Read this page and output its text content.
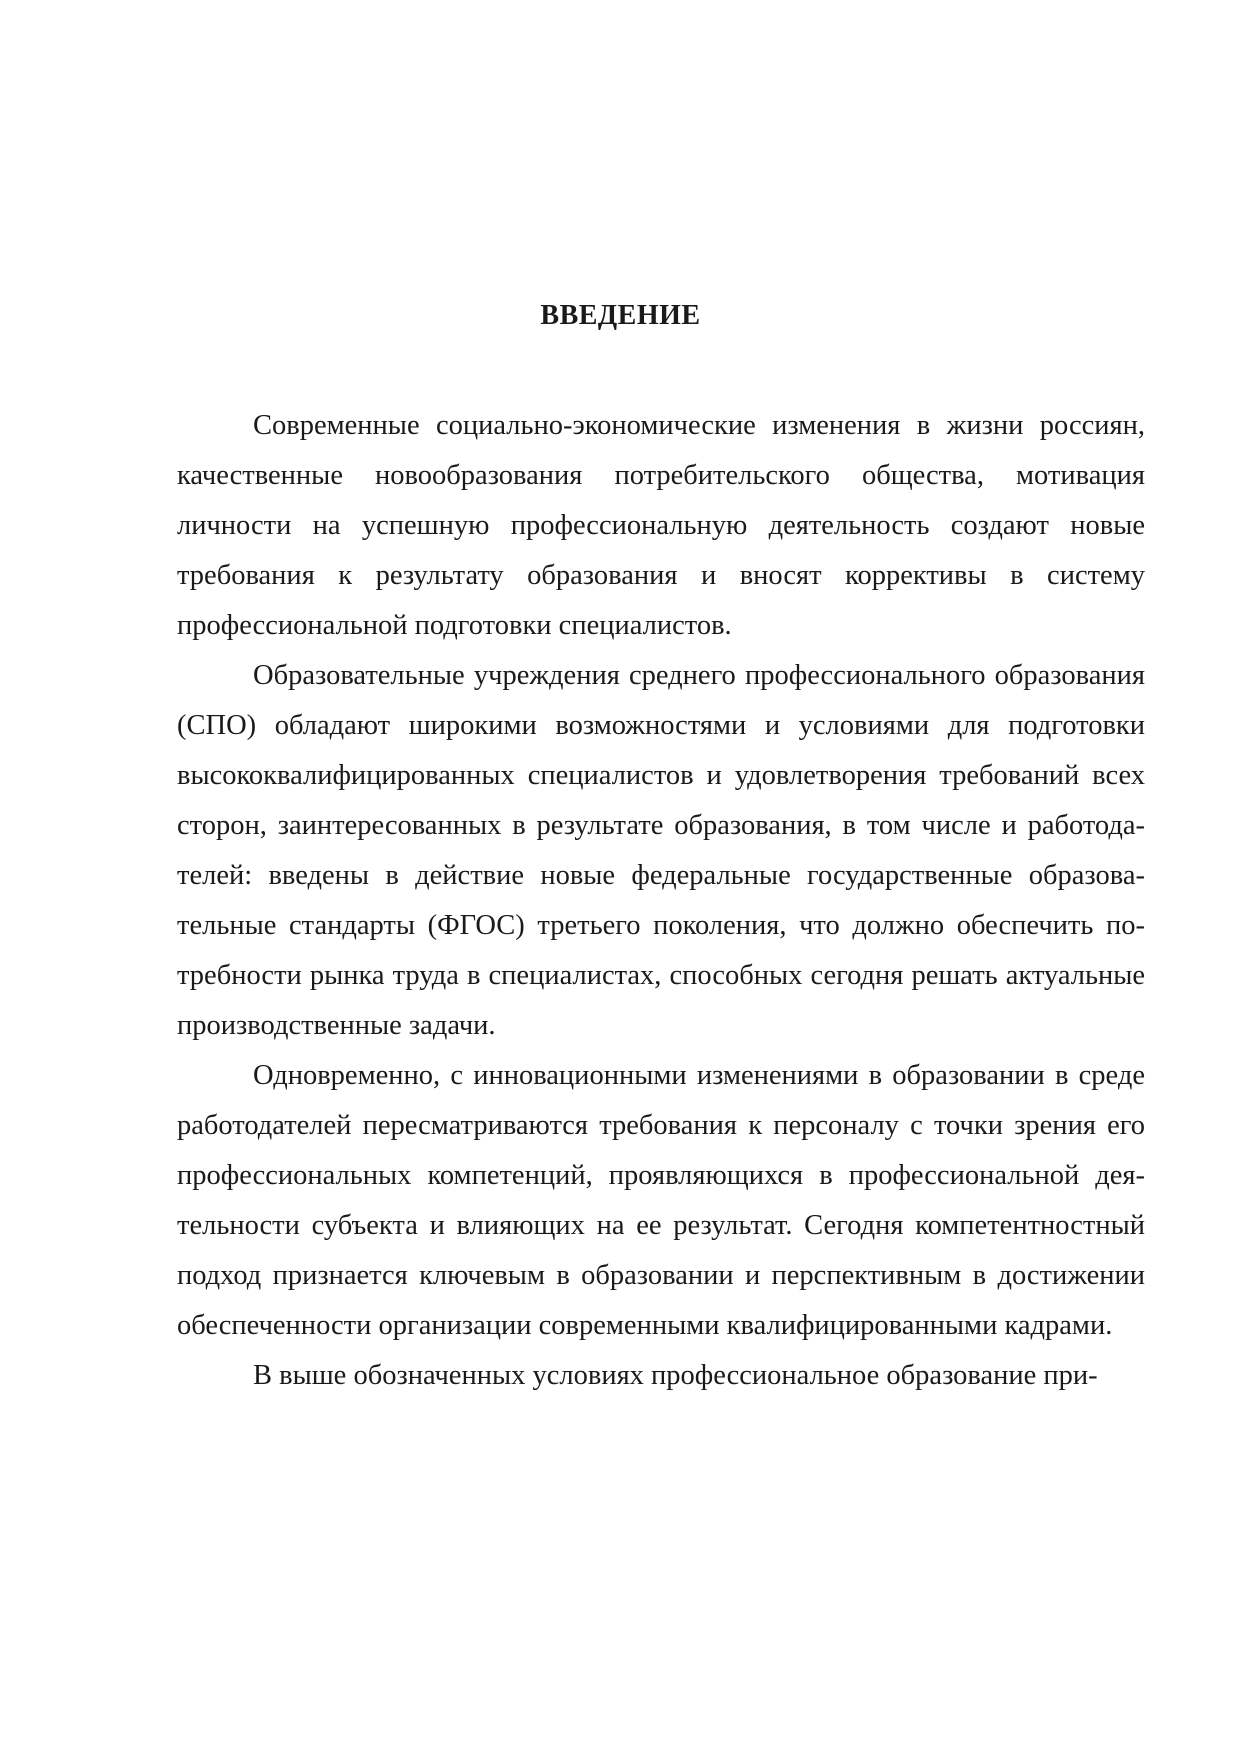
ВВЕДЕНИЕ

Современные социально-экономические изменения в жизни россиян, качественные новообразования потребительского общества, мотивация личности на успешную профессиональную деятельность создают новые требования к результату образования и вносят коррективы в систему профессиональной подготовки специалистов.

Образовательные учреждения среднего профессионального образования (СПО) обладают широкими возможностями и условиями для подготовки высококвалифицированных специалистов и удовлетворения требований всех сторон, заинтересованных в результате образования, в том числе и работодателей: введены в действие новые федеральные государственные образовательные стандарты (ФГОС) третьего поколения, что должно обеспечить потребности рынка труда в специалистах, способных сегодня решать актуальные производственные задачи.

Одновременно, с инновационными изменениями в образовании в среде работодателей пересматриваются требования к персоналу с точки зрения его профессиональных компетенций, проявляющихся в профессиональной деятельности субъекта и влияющих на ее результат. Сегодня компетентностный подход признается ключевым в образовании и перспективным в достижении обеспеченности организации современными квалифицированными кадрами.

В выше обозначенных условиях профессиональное образование при-
